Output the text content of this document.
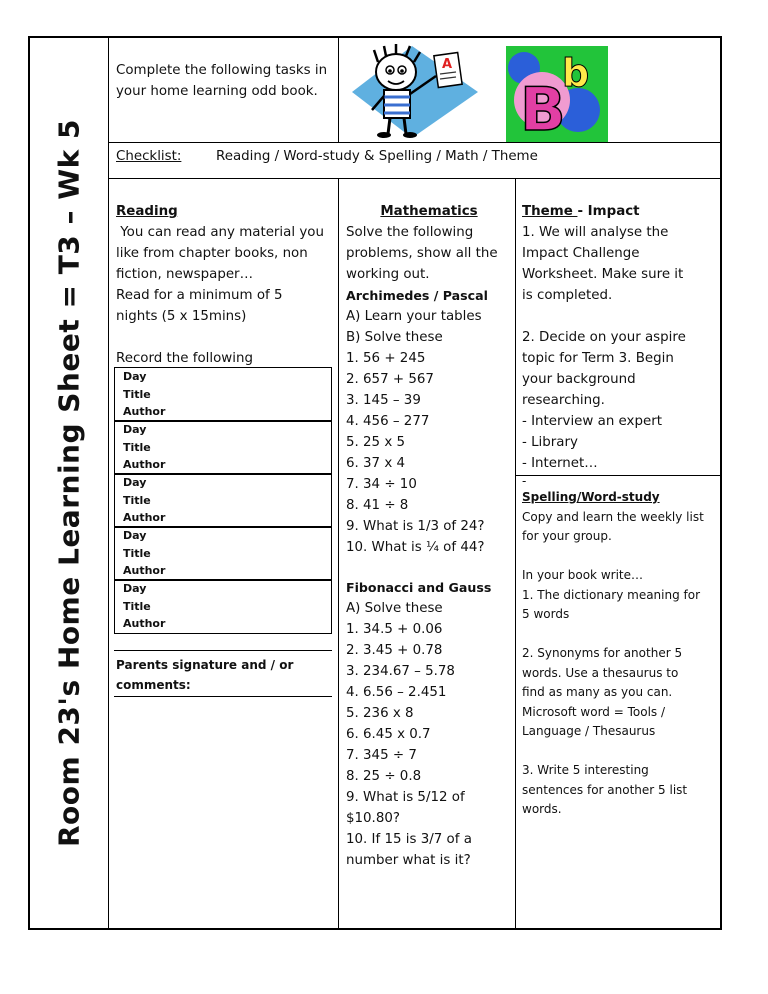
Room 23's Home Learning Sheet = T3 – Wk 5
Complete the following tasks in your home learning odd book.
A
B
b
Checklist:	Reading / Word-study & Spelling / Math / Theme
Reading
You can read any material you
like from chapter books, non
fiction, newspaper…
Read for a minimum of 5
nights (5 x 15mins)
Record the following
Day
Title
Author
Day
Title
Author
Day
Title
Author
Day
Title
Author
Day
Title
Author
Parents signature and / or
comments:
Mathematics
Solve the following
problems, show all the
working out.
Archimedes / Pascal
A) Learn your tables
B) Solve these
1. 56 + 245
2. 657 + 567
3. 145 – 39
4. 456 – 277
5. 25 x 5
6. 37 x 4
7. 34 ÷ 10
8. 41 ÷ 8
9. What is 1/3 of 24?
10. What is ¼ of 44?
Fibonacci and Gauss
A) Solve these
1. 34.5 + 0.06
2. 3.45 + 0.78
3. 234.67 – 5.78
4. 6.56 – 2.451
5. 236 x 8
6. 6.45 x 0.7
7. 345 ÷ 7
8. 25 ÷ 0.8
9. What is 5/12 of
$10.80?
10. If 15 is 3/7 of a
number what is it?
Theme - Impact
1. We will analyse the
Impact Challenge
Worksheet. Make sure it
is completed.
2. Decide on your aspire
topic for Term 3. Begin
your background
researching.
- Interview an expert
- Library
- Internet…
-
Spelling/Word-study
Copy and learn the weekly list
for your group.
In your book write…
1. The dictionary meaning for
5 words
2. Synonyms for another 5
words. Use a thesaurus to
find as many as you can.
Microsoft word = Tools /
Language / Thesaurus
3. Write 5 interesting
sentences for another 5 list
words.
